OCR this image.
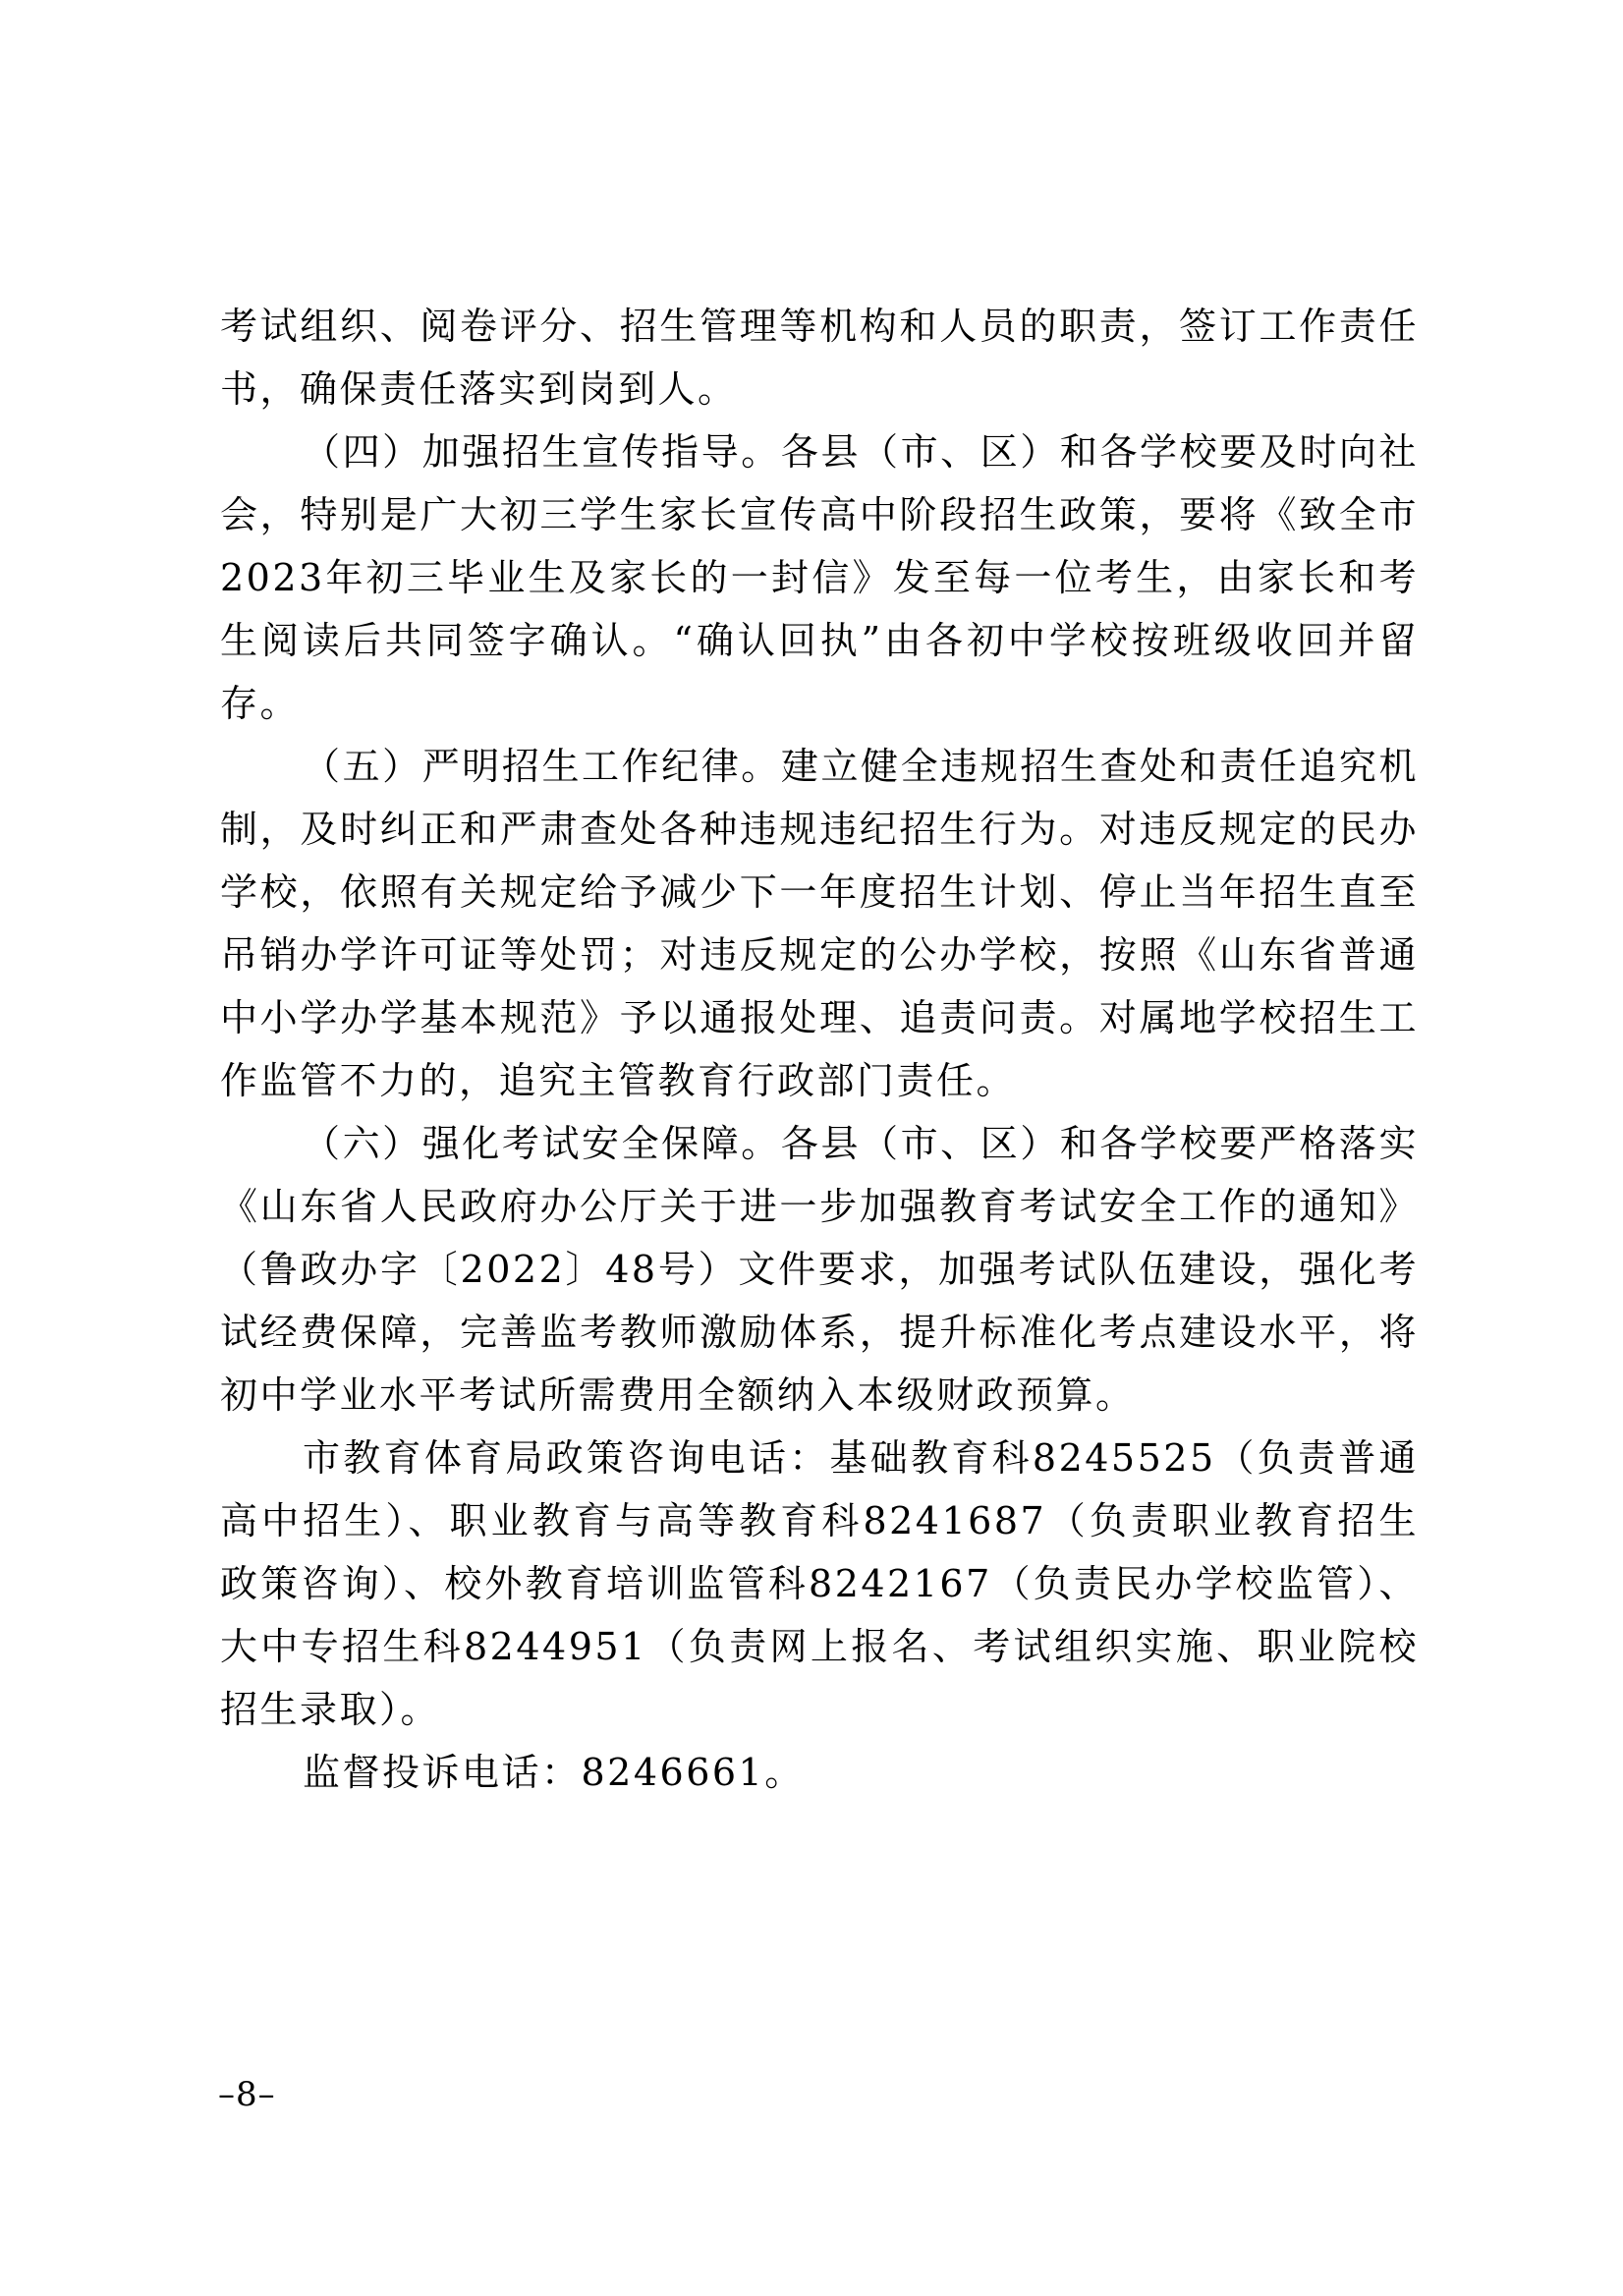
考试组织、阅卷评分、招生管理等机构和人员的职责，签订工作责任书，确保责任落实到岗到人。

（四）加强招生宣传指导。各县（市、区）和各学校要及时向社会，特别是广大初三学生家长宣传高中阶段招生政策，要将《致全市2023年初三毕业生及家长的一封信》发至每一位考生，由家长和考生阅读后共同签字确认。“确认回执”由各初中学校按班级收回并留存。

（五）严明招生工作纪律。建立健全违规招生查处和责任追究机制，及时纠正和严肃查处各种违规违纪招生行为。对违反规定的民办学校，依照有关规定给予减少下一年度招生计划、停止当年招生直至吊销办学许可证等处罚；对违反规定的公办学校，按照《山东省普通中小学办学基本规范》予以通报处理、追责问责。对属地学校招生工作监管不力的，追究主管教育行政部门责任。

（六）强化考试安全保障。各县（市、区）和各学校要严格落实《山东省人民政府办公厅关于进一步加强教育考试安全工作的通知》（鲁政办字〔2022〕48号）文件要求，加强考试队伍建设，强化考试经费保障，完善监考教师激励体系，提升标准化考点建设水平，将初中学业水平考试所需费用全额纳入本级财政预算。

市教育体育局政策咨询电话：基础教育科8245525（负责普通高中招生）、职业教育与高等教育科8241687（负责职业教育招生政策咨询）、校外教育培训监管科8242167（负责民办学校监管）、大中专招生科8244951（负责网上报名、考试组织实施、职业院校招生录取）。

监督投诉电话：8246661。

–8–
